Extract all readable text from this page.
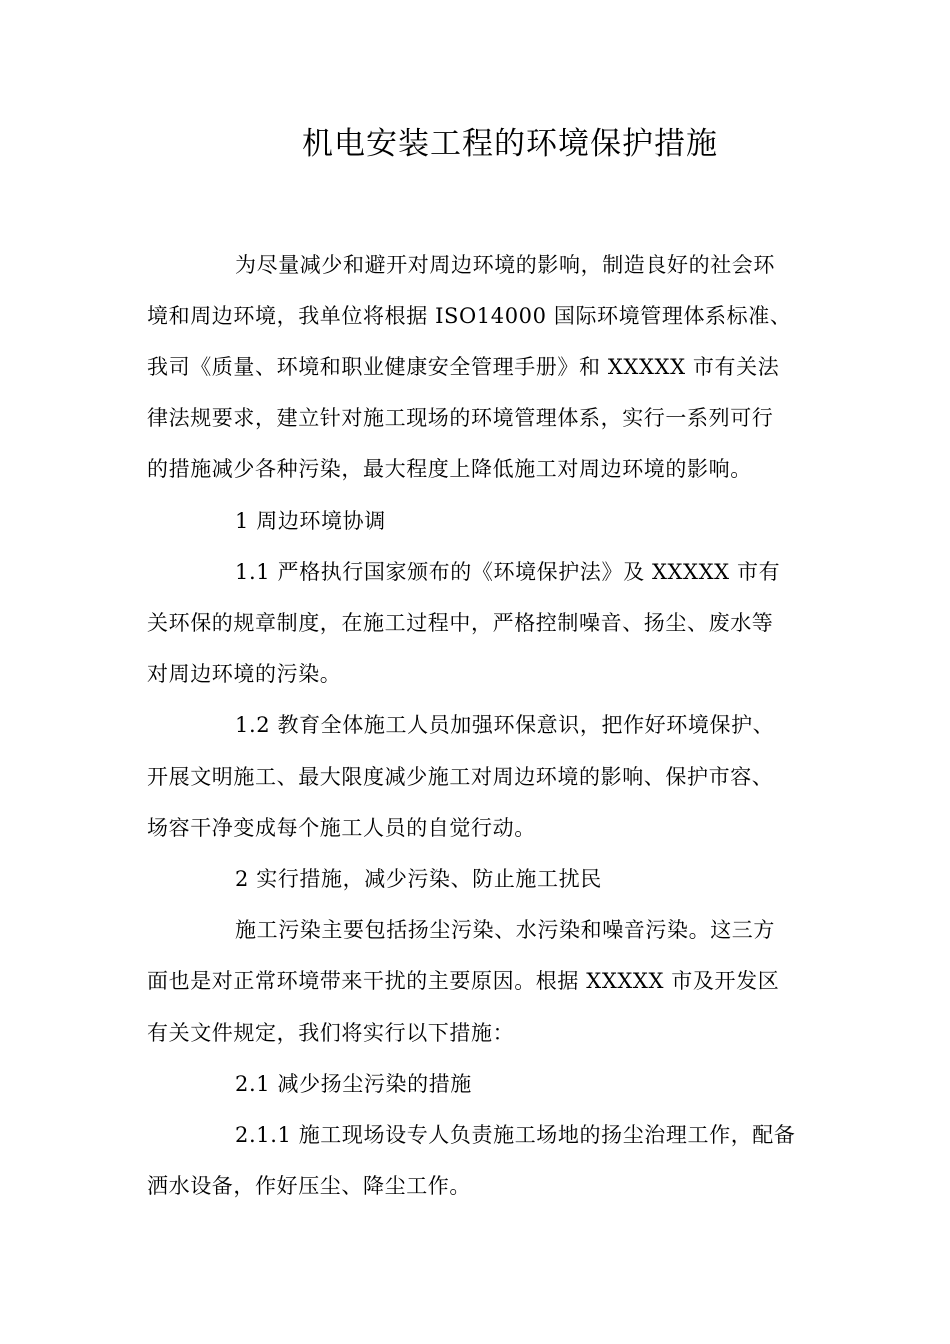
机电安装工程的环境保护措施
为尽量减少和避开对周边环境的影响，制造良好的社会环
境和周边环境，我单位将根据 ISO14000 国际环境管理体系标准、
我司《质量、环境和职业健康安全管理手册》和 XXXXX 市有关法
律法规要求，建立针对施工现场的环境管理体系，实行一系列可行
的措施减少各种污染，最大程度上降低施工对周边环境的影响。
1 周边环境协调
1.1 严格执行国家颁布的《环境保护法》及 XXXXX 市有
关环保的规章制度，在施工过程中，严格控制噪音、扬尘、废水等
对周边环境的污染。
1.2 教育全体施工人员加强环保意识，把作好环境保护、
开展文明施工、最大限度减少施工对周边环境的影响、保护市容、
场容干净变成每个施工人员的自觉行动。
2 实行措施，减少污染、防止施工扰民
施工污染主要包括扬尘污染、水污染和噪音污染。这三方
面也是对正常环境带来干扰的主要原因。根据 XXXXX 市及开发区
有关文件规定，我们将实行以下措施：
2.1 减少扬尘污染的措施
2.1.1 施工现场设专人负责施工场地的扬尘治理工作，配备
洒水设备，作好压尘、降尘工作。
